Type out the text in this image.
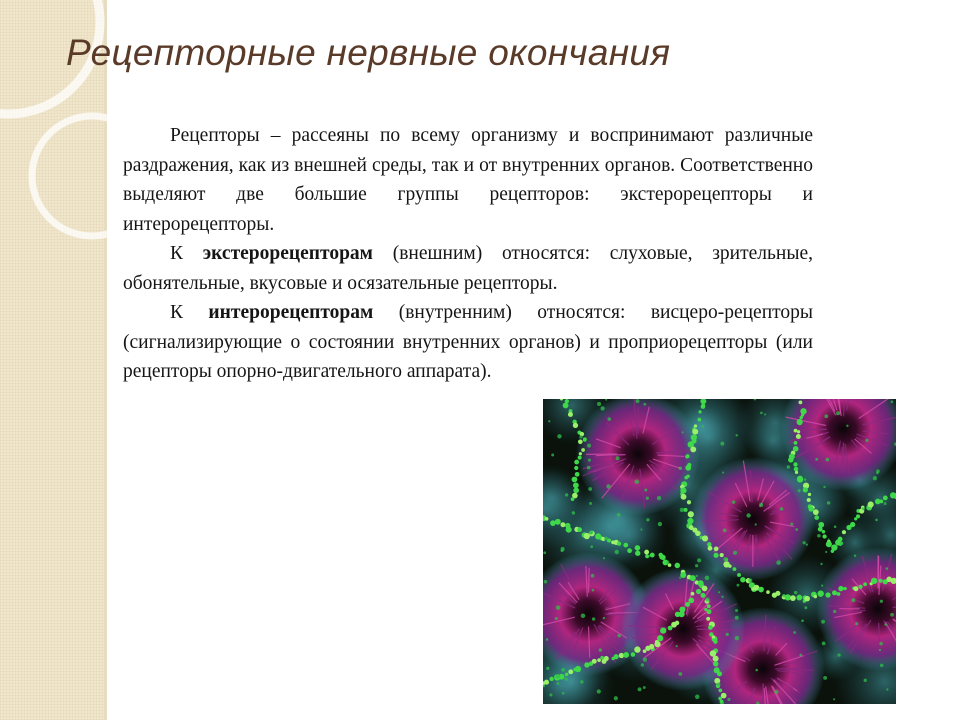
Рецепторные нервные окончания

Рецепторы – рассеяны по всему организму и воспринимают различные раздражения, как из внешней среды, так и от внутренних органов. Соответственно выделяют две большие группы рецепторов: экстерорецепторы и интерорецепторы.

К экстерорецепторам (внешним) относятся: слуховые, зрительные, обонятельные, вкусовые и осязательные рецепторы.

К интерорецепторам (внутренним) относятся: висцеро-рецепторы (сигнализирующие о состоянии внутренних органов) и проприорецепторы (или рецепторы опорно-двигательного аппарата).
